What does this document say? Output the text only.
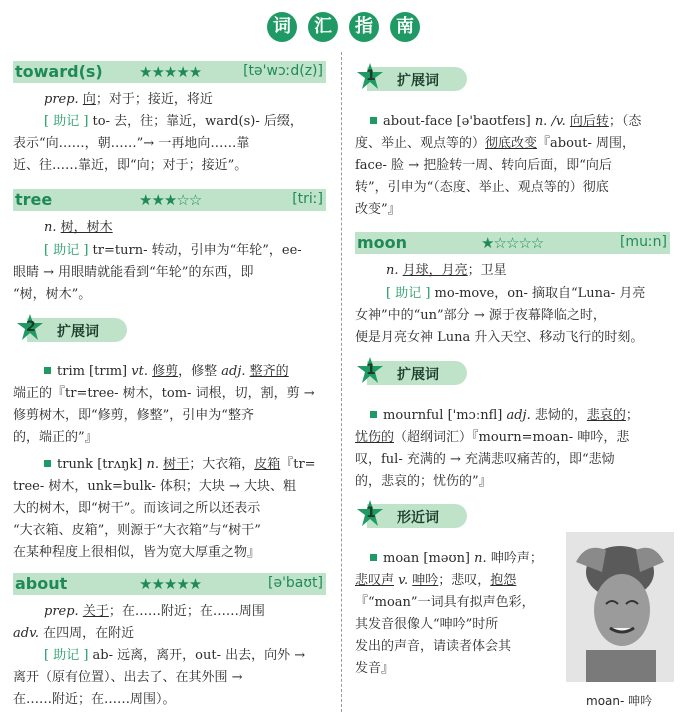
词	汇	指	南
toward(s) ★★★★★	[tə'wɔːd(z)]
prep. 向；对于；接近，将近
[ 助记 ] to- 去，往；靠近，ward(s)- 后缀，
表示“向……，朝……”→ 一再地向……靠
近、往……靠近，即“向；对于；接近”。
tree	★★★☆☆	[triː]
n. 树，树木
[ 助记 ] tr=turn- 转动，引申为“年轮”，ee-
眼睛 → 用眼睛就能看到“年轮”的东西，即
“树，树木”。
2 扩展词
trim [trɪm] vt. 修剪，修整 adj. 整齐的
端正的『tr=tree- 树木，tom- 词根，切，割，剪 →
修剪树木，即“修剪，修整”，引申为“整齐
的，端正的”』
trunk [trʌŋk] n. 树干；大衣箱，皮箱『tr=
tree- 树木，unk=bulk- 体积；大块 → 大块、粗
大的树木，即“树干”。而该词之所以还表示
“大衣箱、皮箱”，则源于“大衣箱”与“树干”
在某种程度上很相似，皆为宽大厚重之物』
about	★★★★★	[ə'baʊt]
prep. 关于；在……附近；在……周围
adv. 在四周，在附近
[ 助记 ] ab- 远离，离开，out- 出去，向外 →
离开（原有位置）、出去了、在其外围 →
在……附近；在……周围）。
1 扩展词
about-face [ə'baʊtfeɪs] n. /v. 向后转；（态
度、举止、观点等的）彻底改变『about- 周围，
face- 脸 → 把脸转一周、转向后面，即“向后
转”，引申为“（态度、举止、观点等的）彻底
改变”』
moon	★☆☆☆☆	[muːn]
n. 月球，月亮；卫星
[ 助记 ] mo-move，on- 摘取自“Luna- 月亮
女神”中的“un”部分 → 源于夜幕降临之时，
便是月亮女神 Luna 升入天空、移动飞行的时刻。
1 扩展词
mournful ['mɔːnfl] adj. 悲恸的，悲哀的；
忧伤的（超纲词汇）『mourn=moan- 呻吟，悲
叹，ful- 充满的 → 充满悲叹痛苦的，即“悲恸
的，悲哀的；忧伤的”』
1 形近词
moan [məʊn] n. 呻吟声；
悲叹声 v. 呻吟；悲叹，抱怨
『“moan”一词具有拟声色彩，
其发音很像人“呻吟”时所
发出的声音，请读者体会其
发音』
moan- 呻吟
